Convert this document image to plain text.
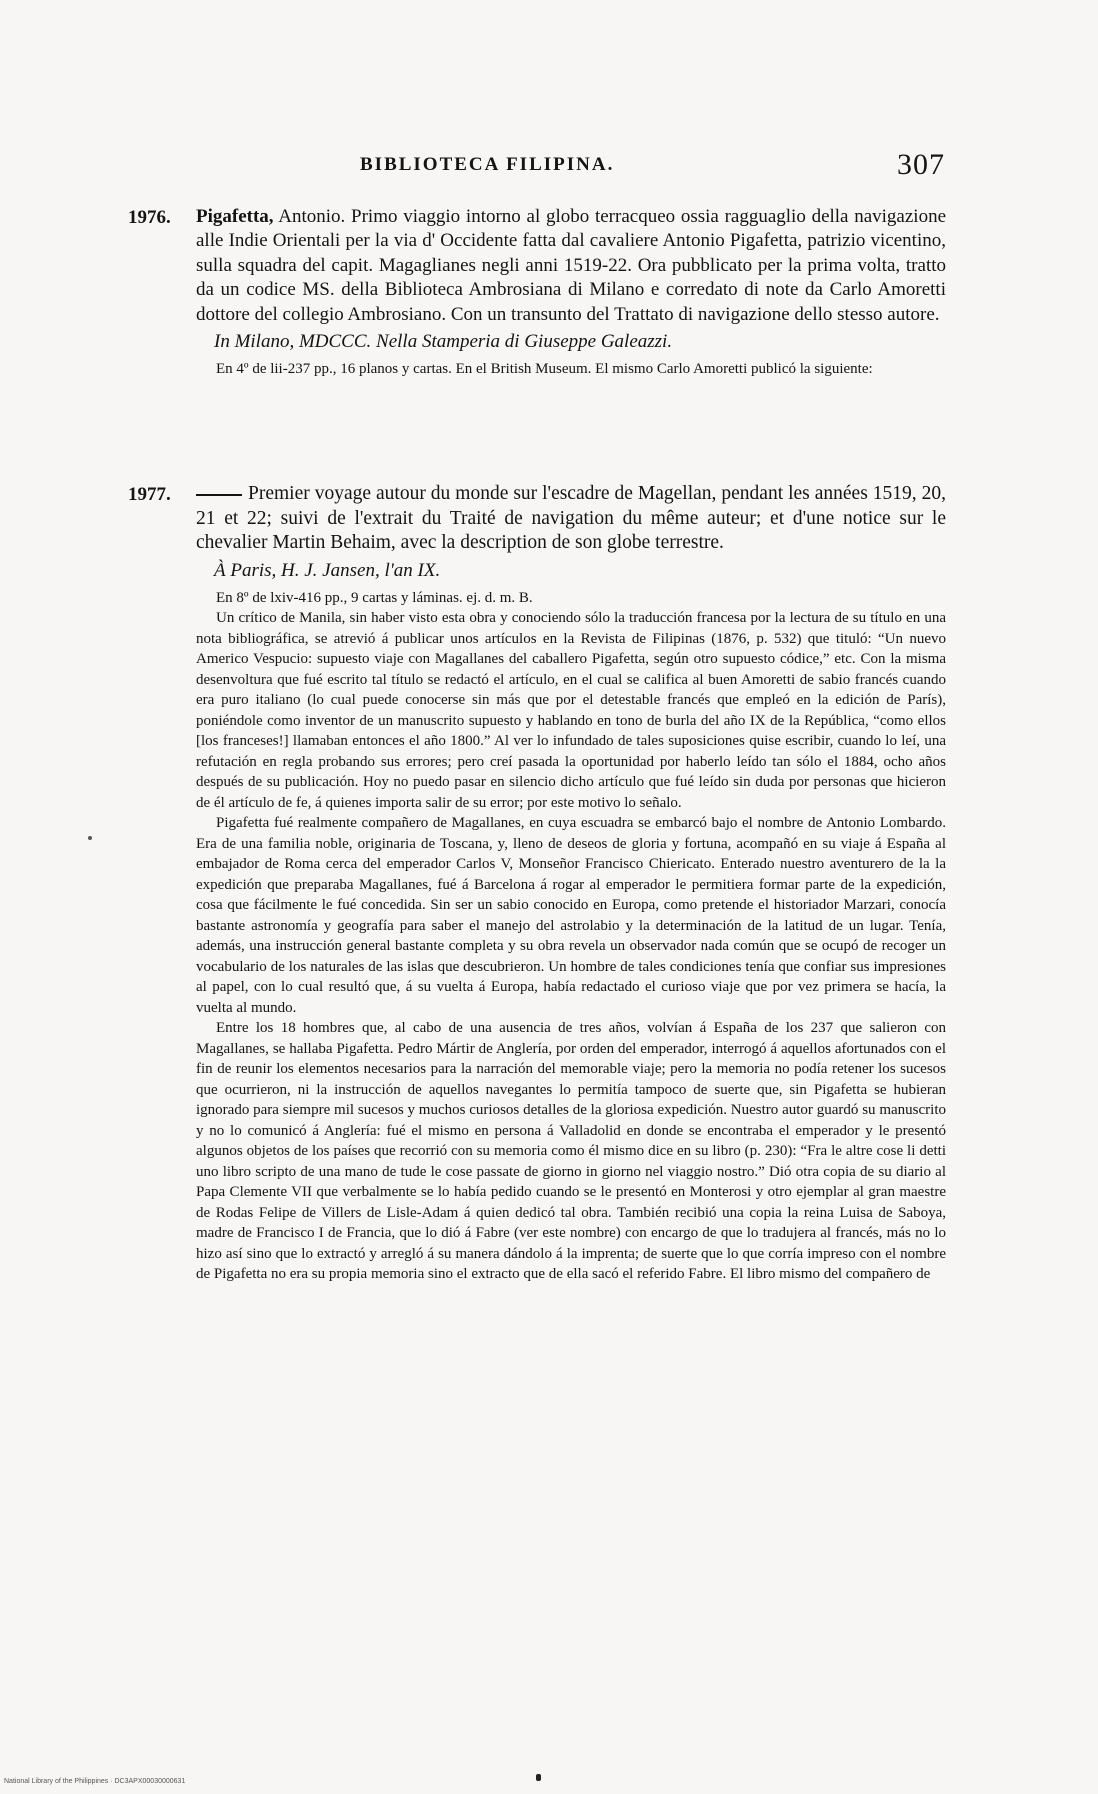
BIBLIOTECA FILIPINA.	307
1976. Pigafetta, Antonio. Primo viaggio intorno al globo terracqueo ossia ragguaglio della navigazione alle Indie Orientali per la via d' Occidente fatta dal cavaliere Antonio Pigafetta, patrizio vicentino, sulla squadra del capit. Magaglianes negli anni 1519-22. Ora pubblicato per la prima volta, tratto da un codice MS. della Biblioteca Ambrosiana di Milano e corredato di note da Carlo Amoretti dottore del collegio Ambrosiano. Con un transunto del Trattato di navigazione dello stesso autore.
In Milano, MDCCC. Nella Stamperia di Giuseppe Galeazzi.

En 4º de lii-237 pp., 16 planos y cartas. En el British Museum. El mismo Carlo Amoretti publicó la siguiente:

1977.	Premier voyage autour du monde sur l'escadre de Magellan, pendant les années 1519, 20, 21 et 22; suivi de l'extrait du Traité de navigation du même auteur; et d'une notice sur le chevalier Martin Behaim, avec la description de son globe terrestre.
À Paris, H. J. Jansen, l'an IX.

En 8º de lxiv-416 pp., 9 cartas y láminas. ej. d. m. B.

Un crítico de Manila, sin haber visto esta obra y conociendo sólo la traducción francesa por la lectura de su título en una nota bibliográfica, se atrevió á publicar unos artículos en la Revista de Filipinas (1876, p. 532) que tituló: “Un nuevo Americo Vespucio: supuesto viaje con Magallanes del caballero Pigafetta, según otro supuesto códice,” etc. Con la misma desenvoltura que fué escrito tal título se redactó el artículo, en el cual se califica al buen Amoretti de sabio francés cuando era puro italiano (lo cual puede conocerse sin más que por el detestable francés que empleó en la edición de París), poniéndole como inventor de un manuscrito supuesto y hablando en tono de burla del año IX de la República, “como ellos [los franceses!] llamaban entonces el año 1800.” Al ver lo infundado de tales suposiciones quise escribir, cuando lo leí, una refutación en regla probando sus errores; pero creí pasada la oportunidad por haberlo leído tan sólo el 1884, ocho años después de su publicación. Hoy no puedo pasar en silencio dicho artículo que fué leído sin duda por personas que hicieron de él artículo de fe, á quienes importa salir de su error; por este motivo lo señalo.

Pigafetta fué realmente compañero de Magallanes, en cuya escuadra se embarcó bajo el nombre de Antonio Lombardo. Era de una familia noble, originaria de Toscana, y, lleno de deseos de gloria y fortuna, acompañó en su viaje á España al embajador de Roma cerca del emperador Carlos V, Monseñor Francisco Chiericato. Enterado nuestro aventurero de la la expedición que preparaba Magallanes, fué á Barcelona á rogar al emperador le permitiera formar parte de la expedición, cosa que fácilmente le fué concedida. Sin ser un sabio conocido en Europa, como pretende el historiador Marzari, conocía bastante astronomía y geografía para saber el manejo del astrolabio y la determinación de la latitud de un lugar. Tenía, además, una instrucción general bastante completa y su obra revela un observador nada común que se ocupó de recoger un vocabulario de los naturales de las islas que descubrieron. Un hombre de tales condiciones tenía que confiar sus impresiones al papel, con lo cual resultó que, á su vuelta á Europa, había redactado el curioso viaje que por vez primera se hacía, la vuelta al mundo.

Entre los 18 hombres que, al cabo de una ausencia de tres años, volvían á España de los 237 que salieron con Magallanes, se hallaba Pigafetta. Pedro Mártir de Anglería, por orden del emperador, interrogó á aquellos afortunados con el fin de reunir los elementos necesarios para la narración del memorable viaje; pero la memoria no podía retener los sucesos que ocurrieron, ni la instrucción de aquellos navegantes lo permitía tampoco de suerte que, sin Pigafetta se hubieran ignorado para siempre mil sucesos y muchos curiosos detalles de la gloriosa expedición. Nuestro autor guardó su manuscrito y no lo comunicó á Anglería: fué el mismo en persona á Valladolid en donde se encontraba el emperador y le presentó algunos objetos de los países que recorrió con su memoria como él mismo dice en su libro (p. 230): “Fra le altre cose li detti uno libro scripto de una mano de tude le cose passate de giorno in giorno nel viaggio nostro.” Dió otra copia de su diario al Papa Clemente VII que verbalmente se lo había pedido cuando se le presentó en Monterosi y otro ejemplar al gran maestre de Rodas Felipe de Villers de Lisle-Adam á quien dedicó tal obra. También recibió una copia la reina Luisa de Saboya, madre de Francisco I de Francia, que lo dió á Fabre (ver este nombre) con encargo de que lo tradujera al francés, más no lo hizo así sino que lo extractó y arregló á su manera dándolo á la imprenta; de suerte que lo que corría impreso con el nombre de Pigafetta no era su propia memoria sino el extracto que de ella sacó el referido Fabre. El libro mismo del compañero de

National Library of the Philippines · DC3APX00030000631
